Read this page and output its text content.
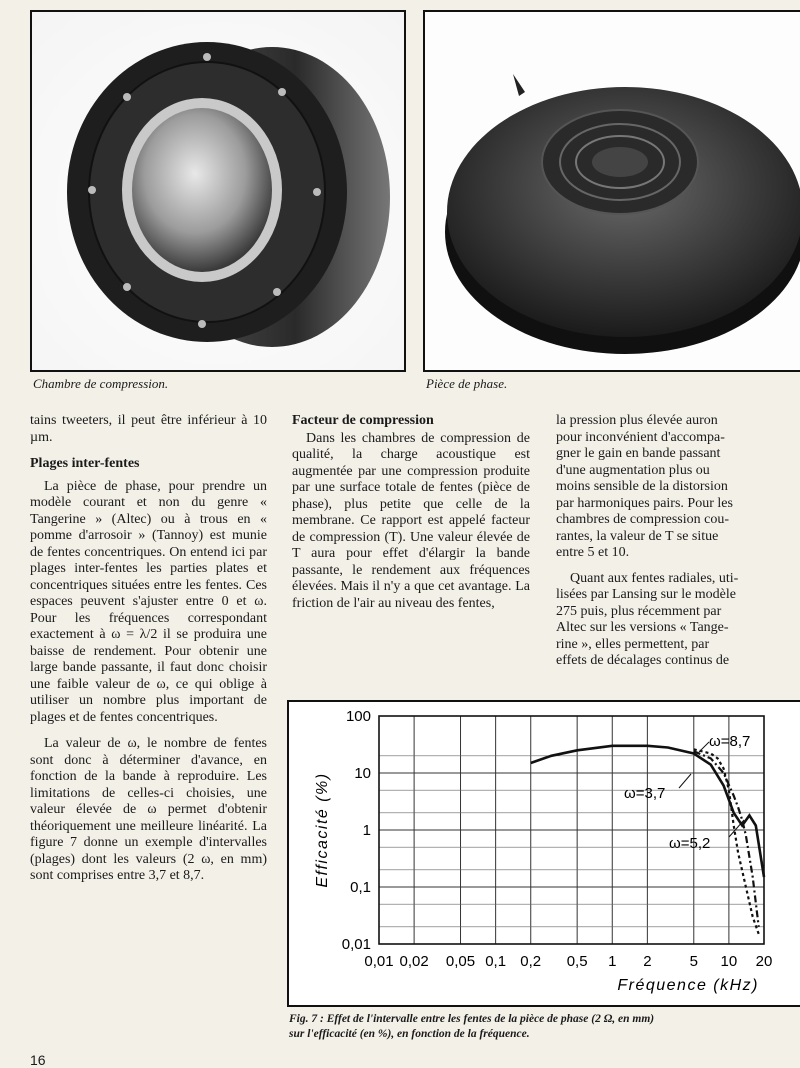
Chambre de compression.	Pièce de phase.

tains tweeters, il peut être inférieur à 10 µm.

Plages inter-fentes

La pièce de phase, pour prendre un modèle courant et non du genre « Tangerine » (Altec) ou à trous en « pomme d'arrosoir » (Tannoy) est munie de fentes concentriques. On entend ici par plages inter-fentes les parties plates et concentriques situées entre les fentes. Ces espaces peuvent s'ajuster entre 0 et ω. Pour les fréquences correspondant exactement à ω = λ/2 il se produira une baisse de rendement. Pour obtenir une large bande passante, il faut donc choisir une faible valeur de ω, ce qui oblige à utiliser un nombre plus important de plages et de fentes concentriques.

La valeur de ω, le nombre de fentes sont donc à déterminer d'avance, en fonction de la bande à reproduire. Les limitations de celles-ci choisies, une valeur élevée de ω permet d'obtenir théoriquement une meilleure linéarité. La figure 7 donne un exemple d'intervalles (plages) dont les valeurs (2 ω, en mm) sont comprises entre 3,7 et 8,7.

Facteur de compression

Dans les chambres de compression de qualité, la charge acoustique est augmentée par une compression produite par une surface totale de fentes (pièce de phase), plus petite que celle de la membrane. Ce rapport est appelé facteur de compression (T). Une valeur élevée de T aura pour effet d'élargir la bande passante, le rendement aux fréquences élevées. Mais il n'y a que cet avantage. La friction de l'air au niveau des fentes,

la pression plus élevée auron
pour inconvénient d'accompa-
gner le gain en bande passant
d'une augmentation plus ou
moins sensible de la distorsion
par harmoniques pairs. Pour les
chambres de compression cou-
rantes, la valeur de T se situe
entre 5 et 10.
Quant aux fentes radiales, uti-
lisées par Lansing sur le modèle
275 puis, plus récemment par
Altec sur les versions « Tange-
rine », elles permettent, par
effets de décalages continus de
0,01 0,02 0,05 0,1 0,2 0,5 1 2	5 10 20
0,01
0,1
1
10
100
Fréquence (kHz)
Efficacité (%)
ω=8,7
ω=3,7
ω=5,2
Fig. 7 : Effet de l'intervalle entre les fentes de la pièce de phase (2 Ω, en mm)
sur l'efficacité (en %), en fonction de la fréquence.
16
